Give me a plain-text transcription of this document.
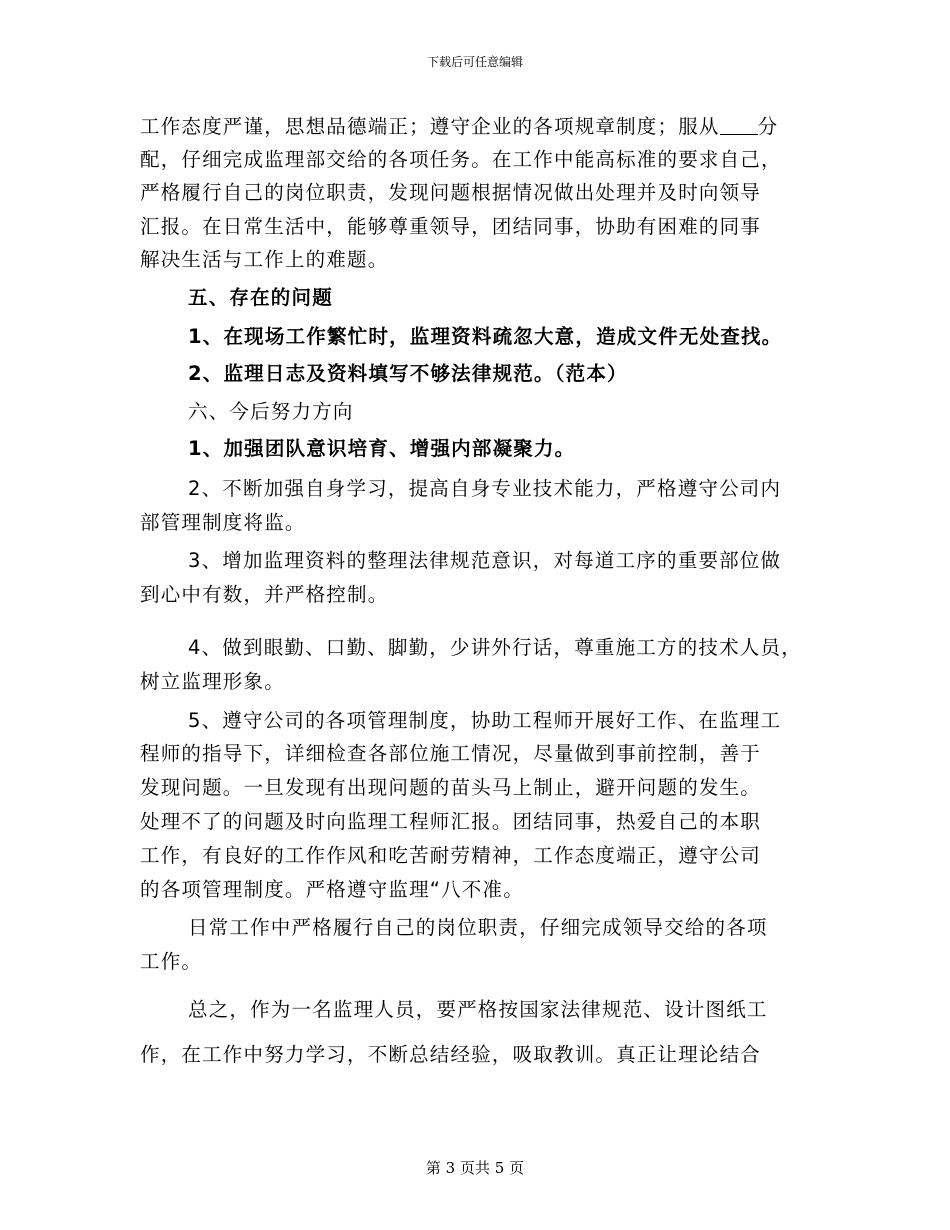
下载后可任意编辑
工作态度严谨，思想品德端正；遵守企业的各项规章制度；服从 分
配，仔细完成监理部交给的各项任务。在工作中能高标准的要求自己，
严格履行自己的岗位职责，发现问题根据情况做出处理并及时向领导
汇报。在日常生活中，能够尊重领导，团结同事，协助有困难的同事
解决生活与工作上的难题。
五、存在的问题
1、在现场工作繁忙时，监理资料疏忽大意，造成文件无处查找。
2、监理日志及资料填写不够法律规范。（范本）
六、今后努力方向
1、加强团队意识培育、增强内部凝聚力。
2、不断加强自身学习，提高自身专业技术能力，严格遵守公司内
部管理制度将监。
3、增加监理资料的整理法律规范意识，对每道工序的重要部位做
到心中有数，并严格控制。
4、做到眼勤、口勤、脚勤，少讲外行话，尊重施工方的技术人员，
树立监理形象。
5、遵守公司的各项管理制度，协助工程师开展好工作、在监理工
程师的指导下，详细检查各部位施工情况，尽量做到事前控制，善于
发现问题。一旦发现有出现问题的苗头马上制止，避开问题的发生。
处理不了的问题及时向监理工程师汇报。团结同事，热爱自己的本职
工作，有良好的工作作风和吃苦耐劳精神，工作态度端正，遵守公司
的各项管理制度。严格遵守监理“八不准。
日常工作中严格履行自己的岗位职责，仔细完成领导交给的各项
工作。
总之，作为一名监理人员，要严格按国家法律规范、设计图纸工
作，在工作中努力学习，不断总结经验，吸取教训。真正让理论结合
第 3 页共 5 页
